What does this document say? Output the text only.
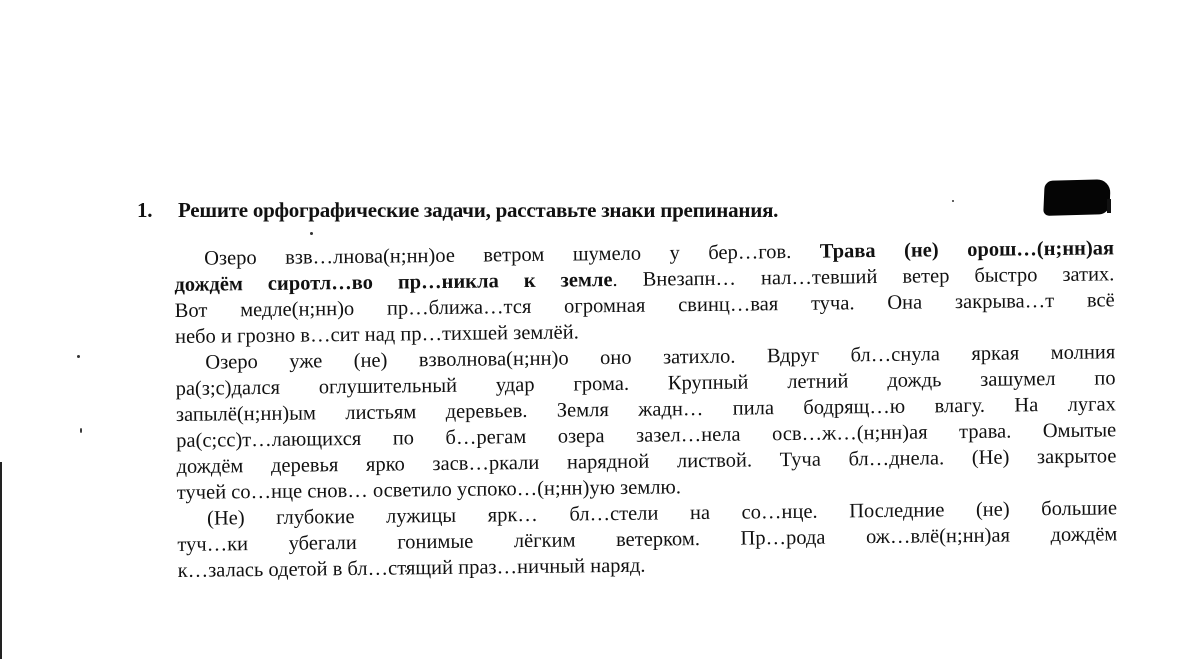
1. Решите орфографические задачи, расставьте знаки препинания.
Озеро взв…лнова(н;нн)ое ветром шумело у бер…гов. Трава (не) орош…(н;нн)ая
дождём сиротл…во пр…никла к земле. Внезапн… нал…тевший ветер быстро затих.
Вот медле(н;нн)о пр…ближа…тся огромная свинц…вая туча. Она закрыва…т всё
небо и грозно в…сит над пр…тихшей землёй.
Озеро уже (не) взволнова(н;нн)о оно затихло. Вдруг бл…снула яркая молния
ра(з;с)дался оглушительный удар грома. Крупный летний дождь зашумел по
запылё(н;нн)ым листьям деревьев. Земля жадн… пила бодрящ…ю влагу. На лугах
ра(с;сс)т…лающихся по б…регам озера зазел…нела осв…ж…(н;нн)ая трава. Омытые
дождём деревья ярко засв…ркали нарядной листвой. Туча бл…днела. (Не) закрытое
тучей со…нце снов… осветило успоко…(н;нн)ую землю.
(Не) глубокие лужицы ярк… бл…стели на со…нце. Последние (не) большие
туч…ки убегали гонимые лёгким ветерком. Пр…рода ож…влё(н;нн)ая дождём
к…залась одетой в бл…стящий праз…ничный наряд.
